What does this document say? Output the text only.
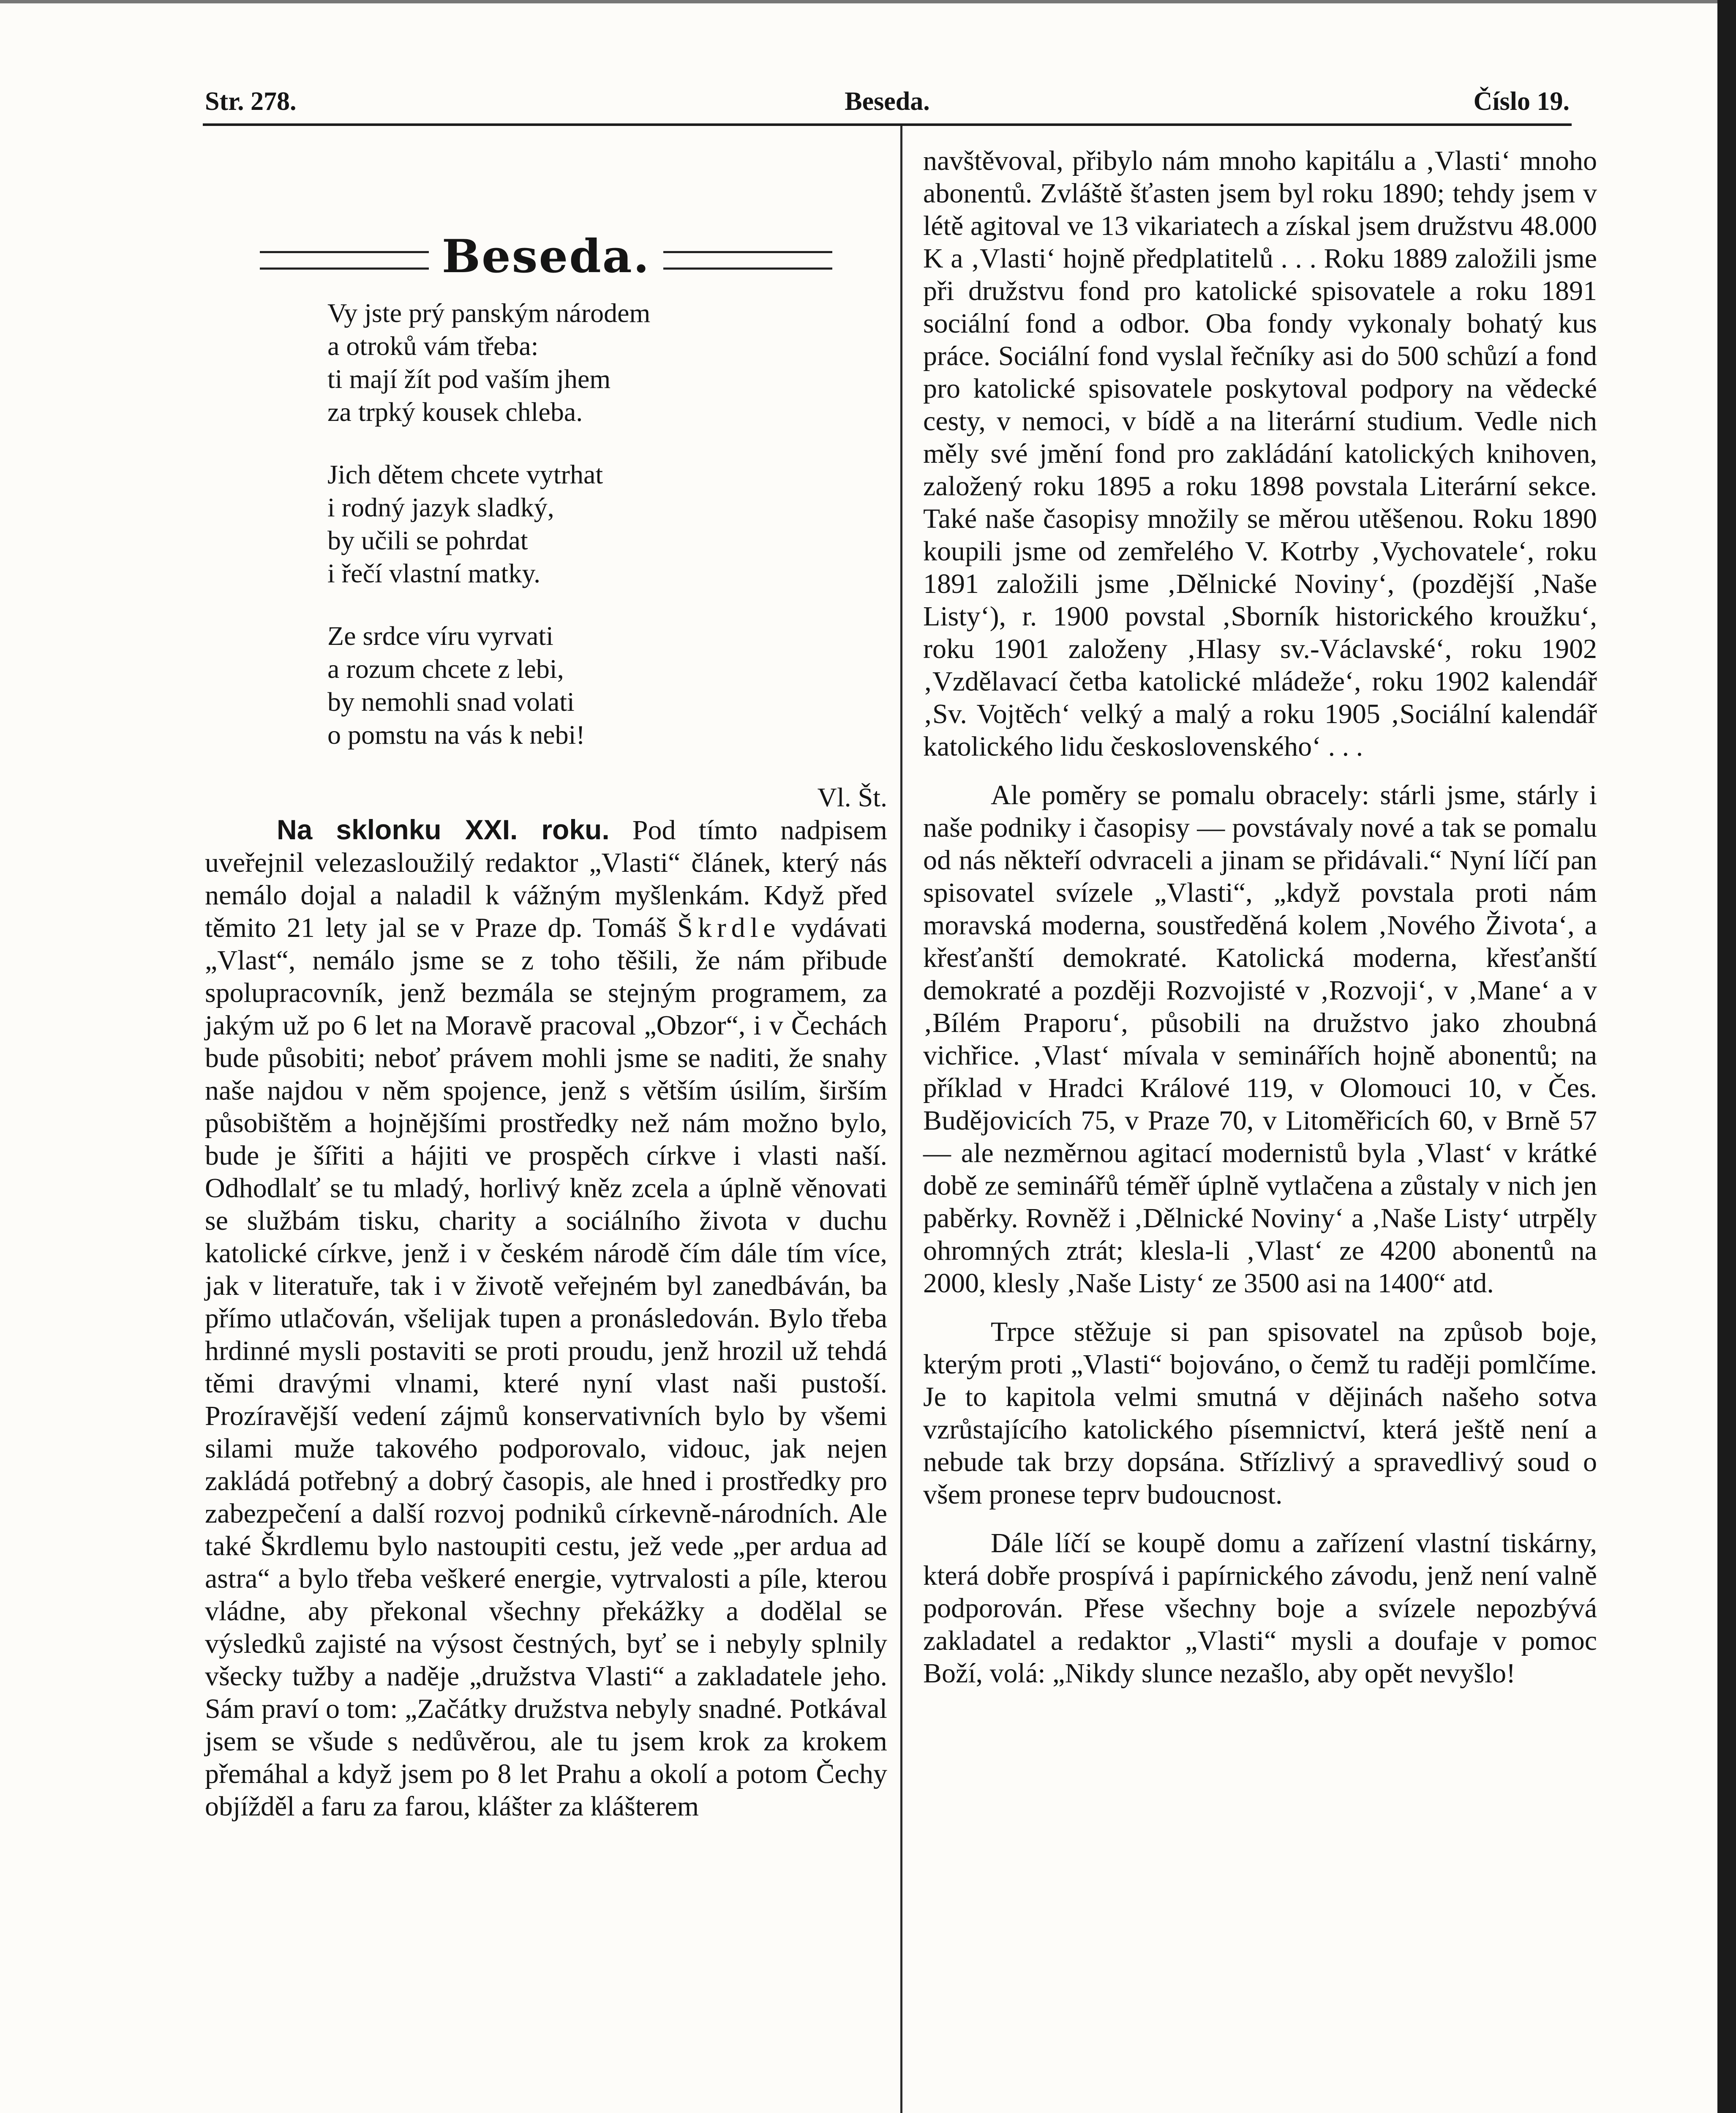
Str. 278.	Beseda.	Číslo 19.
Beseda.
Vy jste prý panským národem
a otroků vám třeba:
ti mají žít pod vaším jhem
za trpký kousek chleba.
Jich dětem chcete vytrhat
i rodný jazyk sladký,
by učili se pohrdat
i řečí vlastní matky.
Ze srdce víru vyrvati
a rozum chcete z lebi,
by nemohli snad volati
o pomstu na vás k nebi!

Vl. Št.

Na sklonku XXI. roku. Pod tímto nadpisem uveřejnil velezasloužilý redaktor „Vlasti“ článek, který nás nemálo dojal a naladil k vážným myšlenkám. Když před těmito 21 lety jal se v Praze dp. Tomáš Škrdle vydávati „Vlast“, nemálo jsme se z toho těšili, že nám přibude spolupracovník, jenž bezmála se stejným programem, za jakým už po 6 let na Moravě pracoval „Obzor“, i v Čechách bude působiti; neboť právem mohli jsme se naditi, že snahy naše najdou v něm spojence, jenž s větším úsilím, širším působištěm a hojnějšími prostředky než nám možno bylo, bude je šířiti a hájiti ve prospěch církve i vlasti naší. Odhodlalť se tu mladý, horlivý kněz zcela a úplně věnovati se službám tisku, charity a sociálního života v duchu katolické církve, jenž i v českém národě čím dále tím více, jak v literatuře, tak i v životě veřejném byl zanedbáván, ba přímo utlačován, všelijak tupen a pronásledován. Bylo třeba hrdinné mysli postaviti se proti proudu, jenž hrozil už tehdá těmi dravými vlnami, které nyní vlast naši pustoší. Prozíravější vedení zájmů konservativních bylo by všemi silami muže takového podporovalo, vidouc, jak nejen zakládá potřebný a dobrý časopis, ale hned i prostředky pro zabezpečení a další rozvoj podniků církevně-národních. Ale také Škrdlemu bylo nastoupiti cestu, jež vede „per ardua ad astra“ a bylo třeba veškeré energie, vytrvalosti a píle, kterou vládne, aby překonal všechny překážky a dodělal se výsledků zajisté na výsost čestných, byť se i nebyly splnily všecky tužby a naděje „družstva Vlasti“ a zakladatele jeho. Sám praví o tom: „Začátky družstva nebyly snadné. Potkával jsem se všude s nedůvěrou, ale tu jsem krok za krokem přemáhal a když jsem po 8 let Prahu a okolí a potom Čechy objížděl a faru za farou, klášter za klášterem

navštěvoval, přibylo nám mnoho kapitálu a ‚Vlasti‘ mnoho abonentů. Zvláště šťasten jsem byl roku 1890; tehdy jsem v létě agitoval ve 13 vikariatech a získal jsem družstvu 48.000 K a ‚Vlasti‘ hojně předplatitelů . . . Roku 1889 založili jsme při družstvu fond pro katolické spisovatele a roku 1891 sociální fond a odbor. Oba fondy vykonaly bohatý kus práce. Sociální fond vyslal řečníky asi do 500 schůzí a fond pro katolické spisovatele poskytoval podpory na vědecké cesty, v nemoci, v bídě a na literární studium. Vedle nich měly své jmění fond pro zakládání katolických knihoven, založený roku 1895 a roku 1898 povstala Literární sekce. Také naše časopisy množily se měrou utěšenou. Roku 1890 koupili jsme od zemřelého V. Kotrby ‚Vychovatele‘, roku 1891 založili jsme ‚Dělnické Noviny‘, (pozdější ‚Naše Listy‘), r. 1900 povstal ‚Sborník historického kroužku‘, roku 1901 založeny ‚Hlasy sv.-Václavské‘, roku 1902 ‚Vzdělavací četba katolické mládeže‘, roku 1902 kalendář ‚Sv. Vojtěch‘ velký a malý a roku 1905 ‚Sociální kalendář katolického lidu československého‘ . . .

Ale poměry se pomalu obracely: stárli jsme, stárly i naše podniky i časopisy — povstávaly nové a tak se pomalu od nás někteří odvraceli a jinam se přidávali.“ Nyní líčí pan spisovatel svízele „Vlasti“, „když povstala proti nám moravská moderna, soustředěná kolem ‚Nového Života‘, a křesťanští demokraté. Katolická moderna, křesťanští demokraté a později Rozvojisté v ‚Rozvoji‘, v ‚Mane‘ a v ‚Bílém Praporu‘, působili na družstvo jako zhoubná vichřice. ‚Vlast‘ mívala v seminářích hojně abonentů; na příklad v Hradci Králové 119, v Olomouci 10, v Čes. Budějovicích 75, v Praze 70, v Litoměřicích 60, v Brně 57 — ale nezměrnou agitací modernistů byla ‚Vlast‘ v krátké době ze seminářů téměř úplně vytlačena a zůstaly v nich jen paběrky. Rovněž i ‚Dělnické Noviny‘ a ‚Naše Listy‘ utrpěly ohromných ztrát; klesla-li ‚Vlast‘ ze 4200 abonentů na 2000, klesly ‚Naše Listy‘ ze 3500 asi na 1400“ atd.

Trpce stěžuje si pan spisovatel na způsob boje, kterým proti „Vlasti“ bojováno, o čemž tu raději pomlčíme. Je to kapitola velmi smutná v dějinách našeho sotva vzrůstajícího katolického písemnictví, která ještě není a nebude tak brzy dopsána. Střízlivý a spravedlivý soud o všem pronese teprv budoucnost.

Dále líčí se koupě domu a zařízení vlastní tiskárny, která dobře prospívá i papírnického závodu, jenž není valně podporován. Přese všechny boje a svízele nepozbývá zakladatel a redaktor „Vlasti“ mysli a doufaje v pomoc Boží, volá: „Nikdy slunce nezašlo, aby opět nevyšlo!
